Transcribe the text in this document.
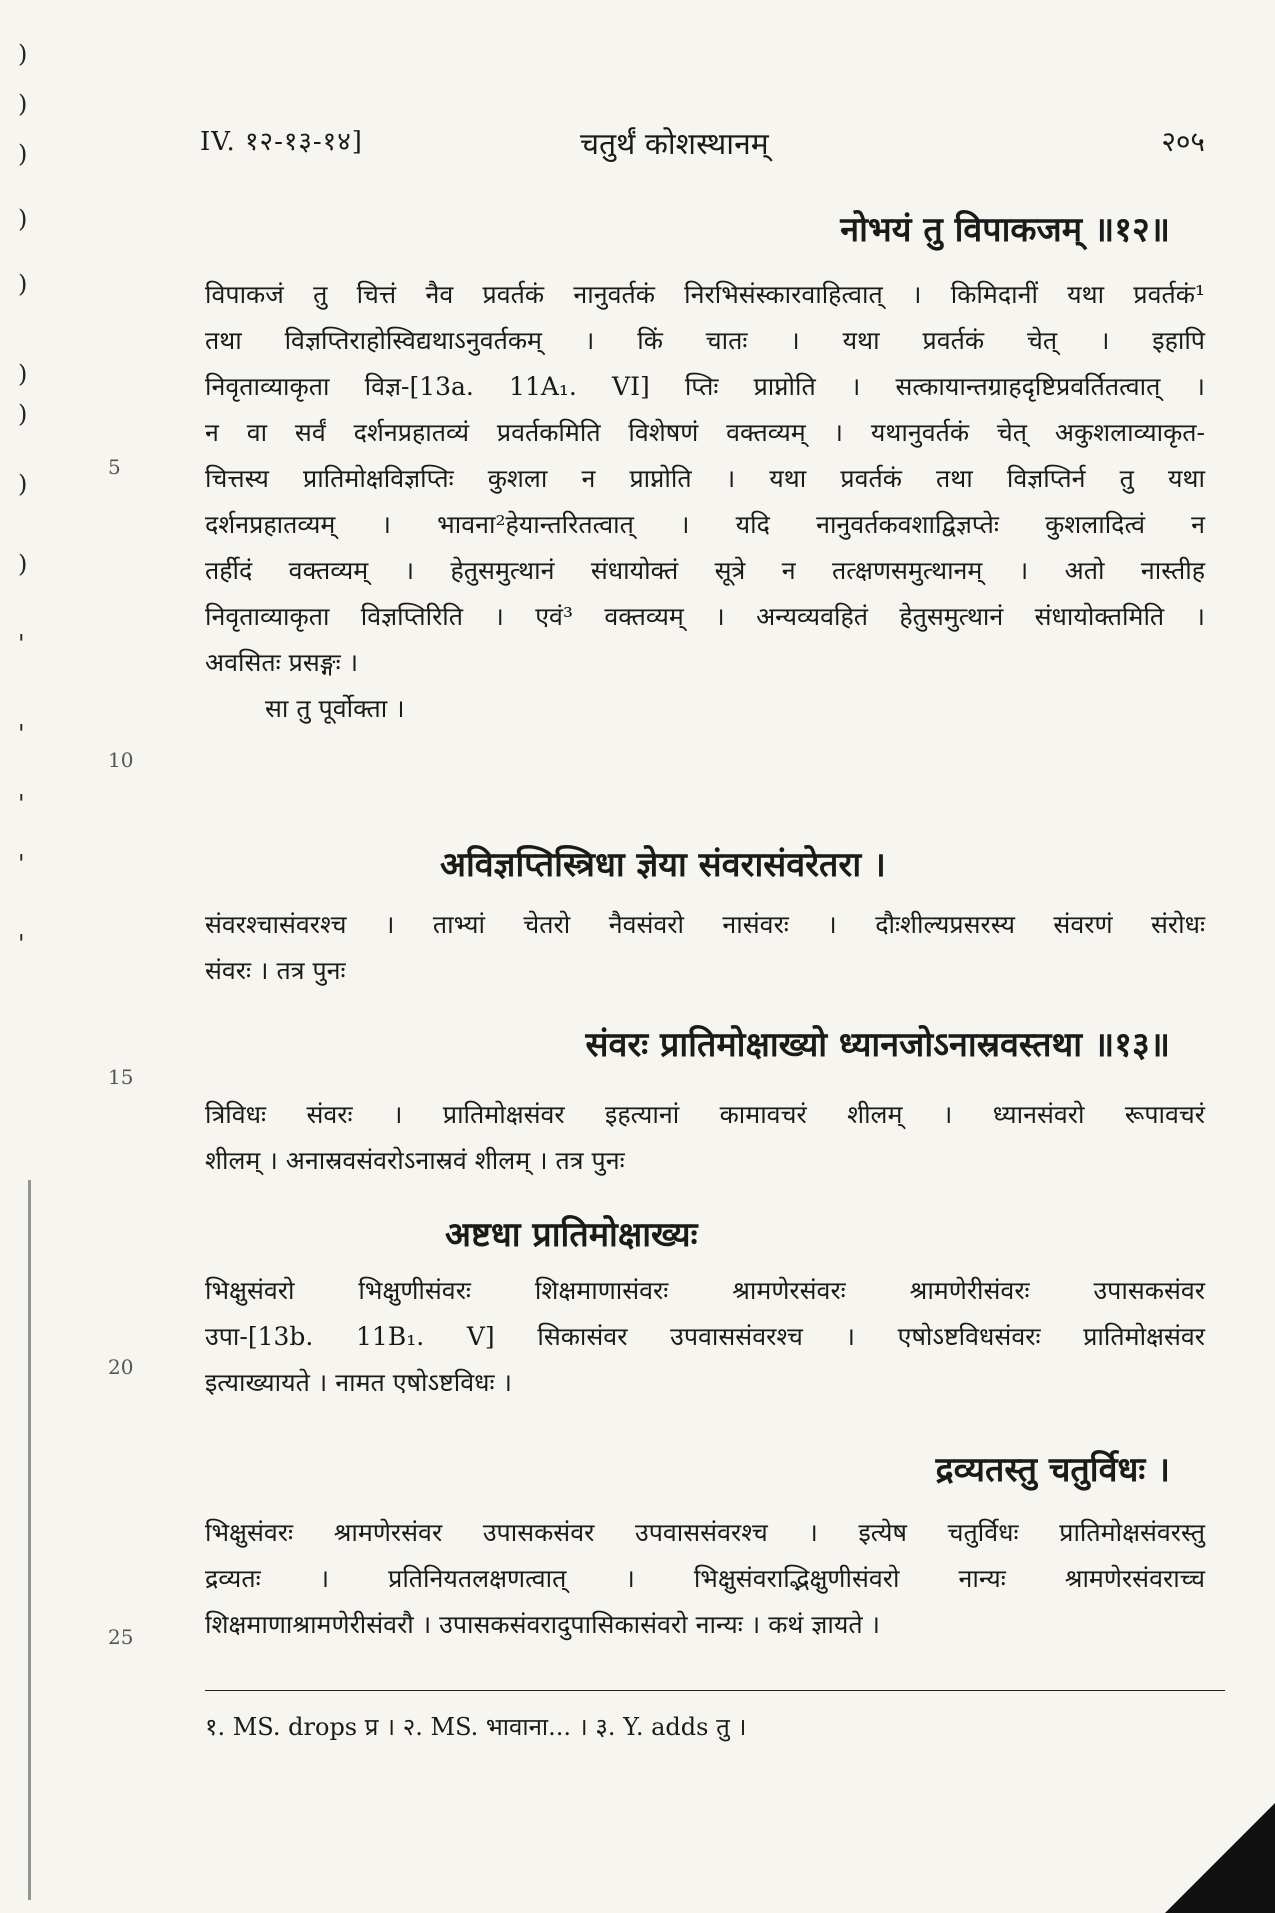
)
)
)
)
)
)
)
)
)
'
'
'
'
'
IV. १२-१३-१४]	चतुर्थं कोशस्थानम्	२०५
नोभयं तु विपाकजम् ॥१२॥
विपाकजं तु चित्तं नैव प्रवर्तकं नानुवर्तकं निरभिसंस्कारवाहित्वात् । किमिदानीं यथा प्रवर्तकं¹
तथा विज्ञप्तिराहोस्विद्यथाऽनुवर्तकम् । किं चातः । यथा प्रवर्तकं चेत् । इहापि
निवृताव्याकृता विज्ञ-[13a. 11A₁. VI] प्तिः प्राप्नोति । सत्कायान्तग्राहदृष्टिप्रवर्तितत्वात् ।
न वा सर्वं दर्शनप्रहातव्यं प्रवर्तकमिति विशेषणं वक्तव्यम् । यथानुवर्तकं चेत् अकुशलाव्याकृत-
चित्तस्य प्रातिमोक्षविज्ञप्तिः कुशला न प्राप्नोति । यथा प्रवर्तकं तथा विज्ञप्तिर्न तु यथा
दर्शनप्रहातव्यम् । भावना²हेयान्तरितत्वात् । यदि नानुवर्तकवशाद्विज्ञप्तेः कुशलादित्वं न
तर्हीदं वक्तव्यम् । हेतुसमुत्थानं संधायोक्तं सूत्रे न तत्क्षणसमुत्थानम् । अतो नास्तीह
निवृताव्याकृता विज्ञप्तिरिति । एवं³ वक्तव्यम् । अन्यव्यवहितं हेतुसमुत्थानं संधायोक्तमिति ।
अवसितः प्रसङ्गः ।
सा तु पूर्वोक्ता ।
अविज्ञप्तिस्त्रिधा ज्ञेया संवरासंवरेतरा ।
संवरश्चासंवरश्च । ताभ्यां चेतरो नैवसंवरो नासंवरः । दौःशील्यप्रसरस्य संवरणं संरोधः
संवरः । तत्र पुनः
संवरः प्रातिमोक्षाख्यो ध्यानजोऽनास्रवस्तथा ॥१३॥
त्रिविधः संवरः । प्रातिमोक्षसंवर इहत्यानां कामावचरं शीलम् । ध्यानसंवरो रूपावचरं
शीलम् । अनास्रवसंवरोऽनास्रवं शीलम् । तत्र पुनः
अष्टधा प्रातिमोक्षाख्यः
भिक्षुसंवरो भिक्षुणीसंवरः शिक्षमाणासंवरः श्रामणेरसंवरः श्रामणेरीसंवरः उपासकसंवर
उपा-[13b. 11B₁. V] सिकासंवर उपवाससंवरश्च । एषोऽष्टविधसंवरः प्रातिमोक्षसंवर
इत्याख्यायते । नामत एषोऽष्टविधः ।
द्रव्यतस्तु चतुर्विधः ।
भिक्षुसंवरः श्रामणेरसंवर उपासकसंवर उपवाससंवरश्च । इत्येष चतुर्विधः प्रातिमोक्षसंवरस्तु
द्रव्यतः । प्रतिनियतलक्षणत्वात् । भिक्षुसंवराद्भिक्षुणीसंवरो नान्यः श्रामणेरसंवराच्च
शिक्षमाणाश्रामणेरीसंवरौ । उपासकसंवरादुपासिकासंवरो नान्यः । कथं ज्ञायते ।
5
10
15
20
25
१. MS. drops प्र । २. MS. भावाना... । ३. Y. adds तु ।
